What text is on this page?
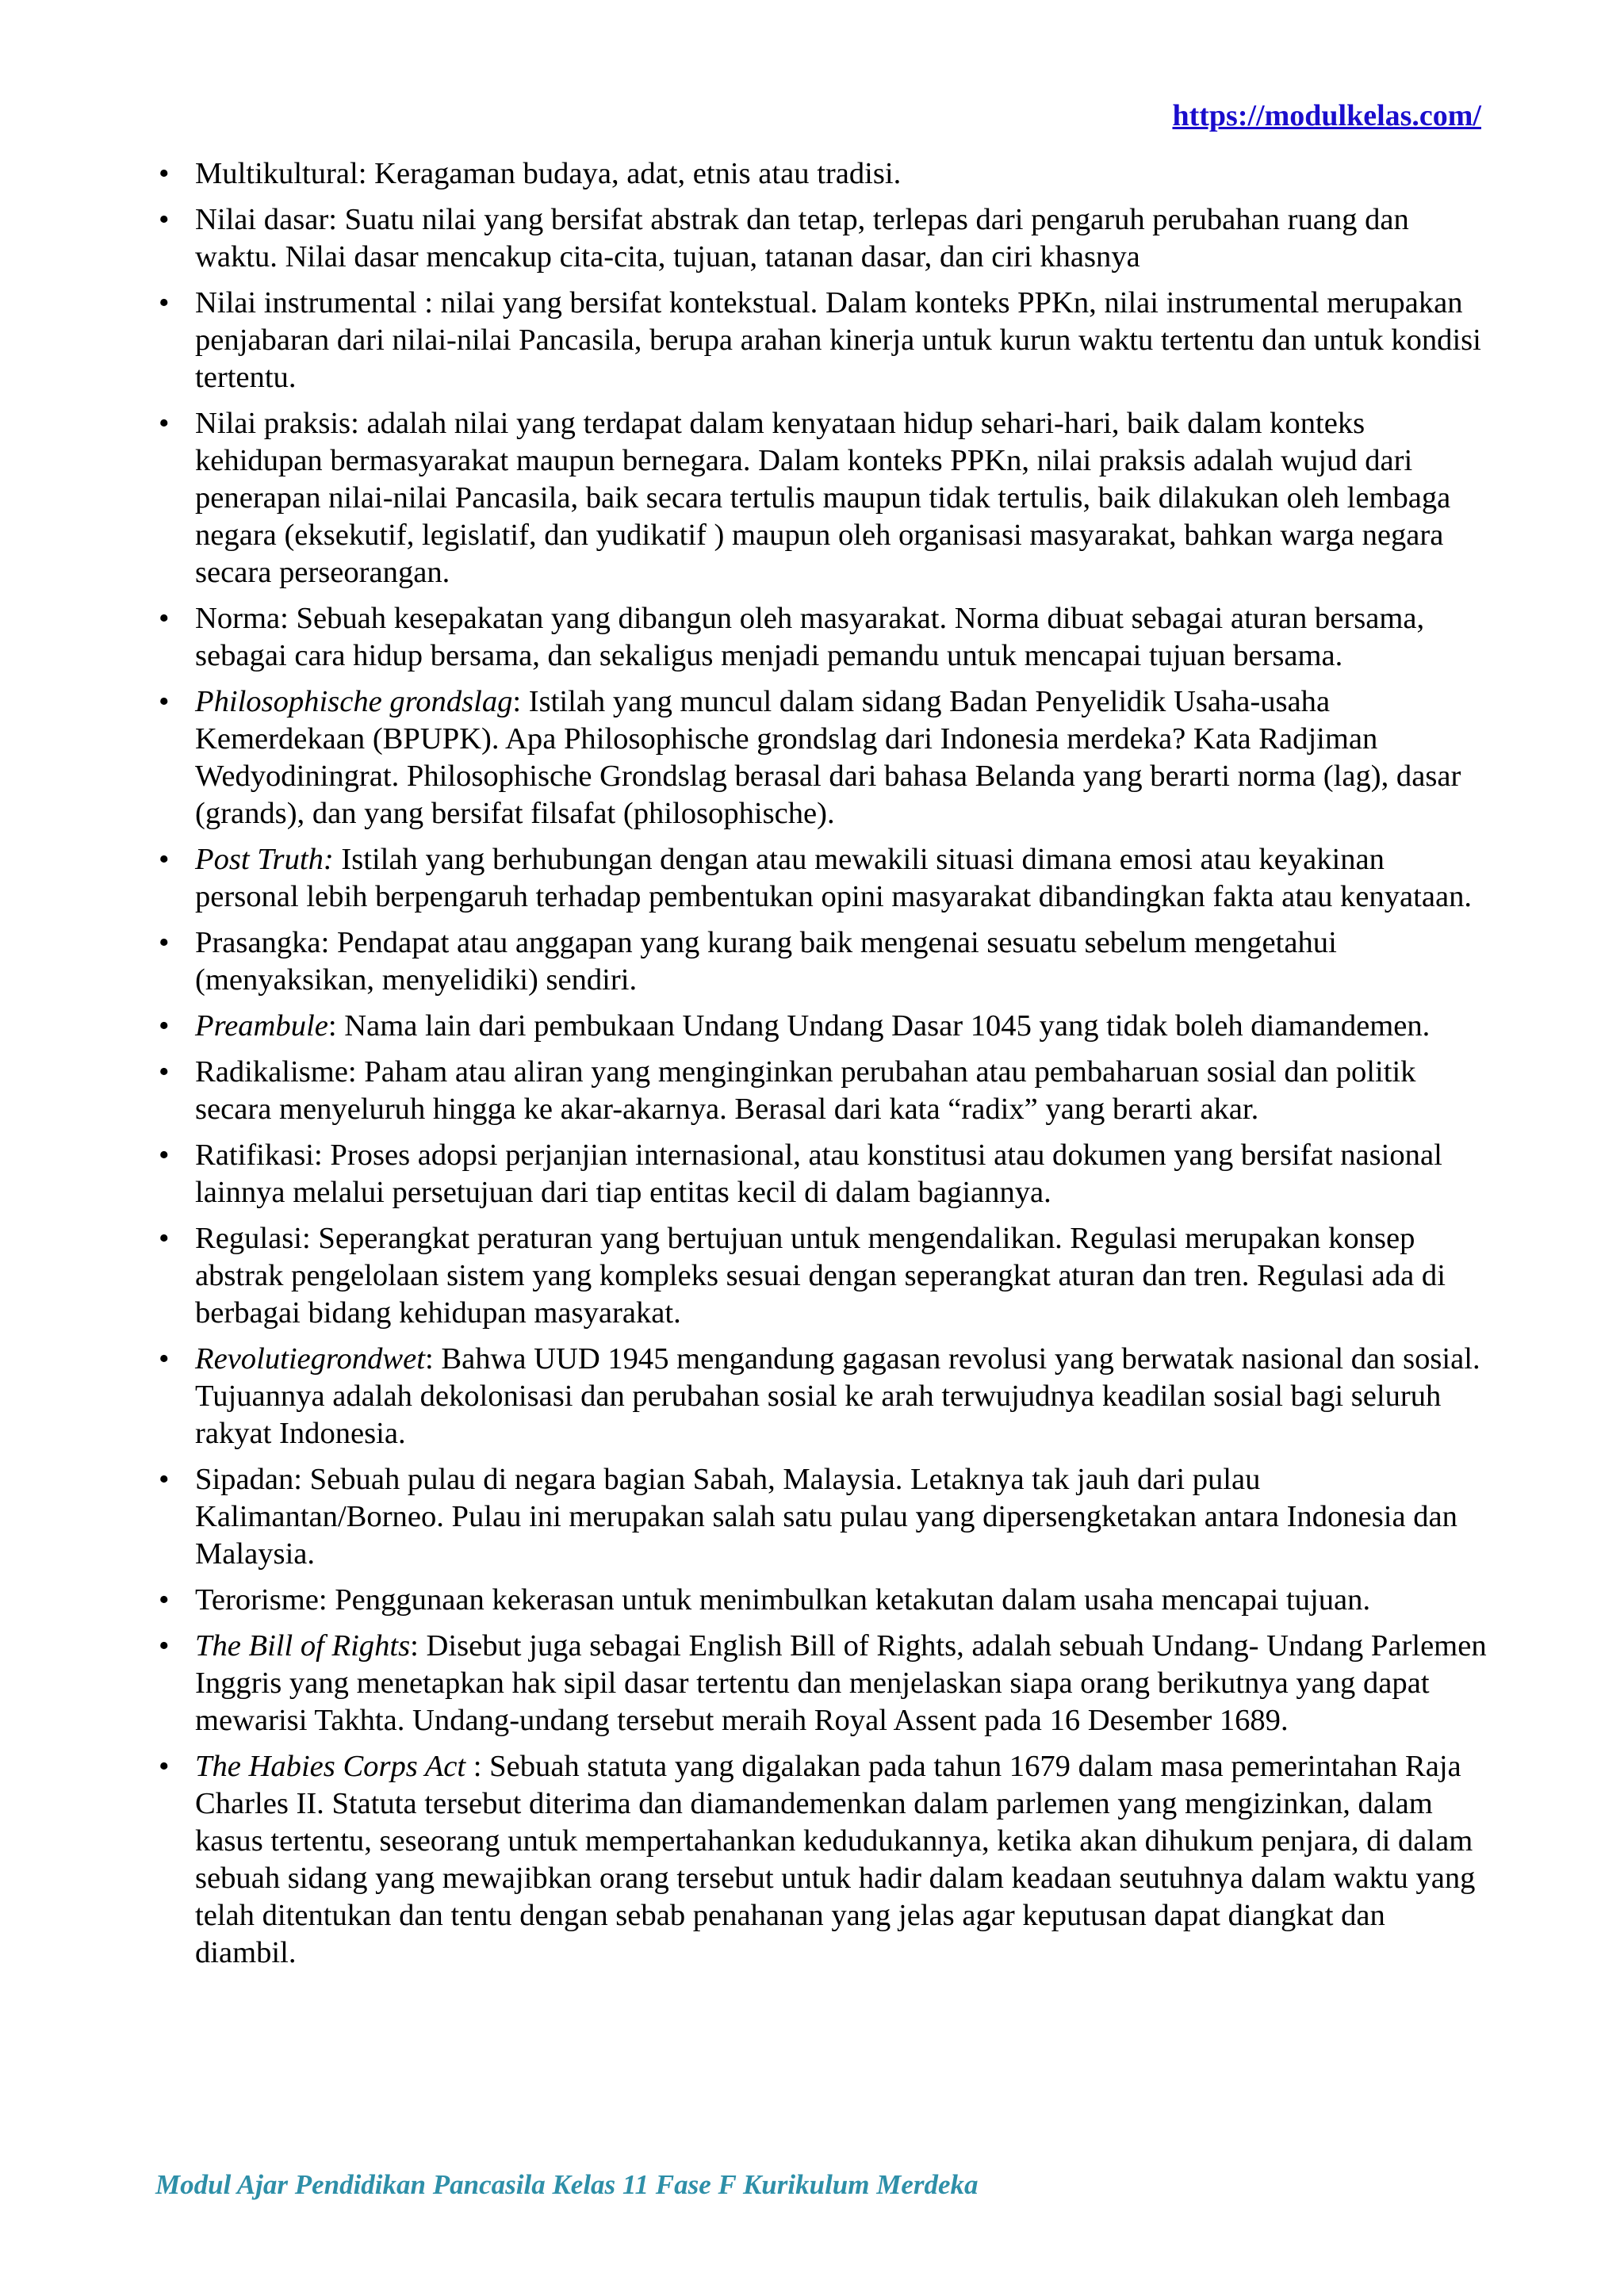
https://modulkelas.com/
• Multikultural: Keragaman budaya, adat, etnis atau tradisi.
• Nilai dasar: Suatu nilai yang bersifat abstrak dan tetap, terlepas dari pengaruh perubahan ruang dan waktu. Nilai dasar mencakup cita-cita, tujuan, tatanan dasar, dan ciri khasnya
• Nilai instrumental : nilai yang bersifat kontekstual. Dalam konteks PPKn, nilai instrumental merupakan penjabaran dari nilai-nilai Pancasila, berupa arahan kinerja untuk kurun waktu tertentu dan untuk kondisi tertentu.
• Nilai praksis: adalah nilai yang terdapat dalam kenyataan hidup sehari-hari, baik dalam konteks kehidupan bermasyarakat maupun bernegara. Dalam konteks PPKn, nilai praksis adalah wujud dari penerapan nilai-nilai Pancasila, baik secara tertulis maupun tidak tertulis, baik dilakukan oleh lembaga negara (eksekutif, legislatif, dan yudikatif ) maupun oleh organisasi masyarakat, bahkan warga negara secara perseorangan.
• Norma: Sebuah kesepakatan yang dibangun oleh masyarakat. Norma dibuat sebagai aturan bersama, sebagai cara hidup bersama, dan sekaligus menjadi pemandu untuk mencapai tujuan bersama.
• Philosophische grondslag: Istilah yang muncul dalam sidang Badan Penyelidik Usaha-usaha Kemerdekaan (BPUPK). Apa Philosophische grondslag dari Indonesia merdeka? Kata Radjiman Wedyodiningrat. Philosophische Grondslag berasal dari bahasa Belanda yang berarti norma (lag), dasar (grands), dan yang bersifat filsafat (philosophische).
• Post Truth: Istilah yang berhubungan dengan atau mewakili situasi dimana emosi atau keyakinan personal lebih berpengaruh terhadap pembentukan opini masyarakat dibandingkan fakta atau kenyataan.
• Prasangka: Pendapat atau anggapan yang kurang baik mengenai sesuatu sebelum mengetahui (menyaksikan, menyelidiki) sendiri.
• Preambule: Nama lain dari pembukaan Undang Undang Dasar 1045 yang tidak boleh diamandemen.
• Radikalisme: Paham atau aliran yang menginginkan perubahan atau pembaharuan sosial dan politik secara menyeluruh hingga ke akar-akarnya. Berasal dari kata “radix” yang berarti akar.
• Ratifikasi: Proses adopsi perjanjian internasional, atau konstitusi atau dokumen yang bersifat nasional lainnya melalui persetujuan dari tiap entitas kecil di dalam bagiannya.
• Regulasi: Seperangkat peraturan yang bertujuan untuk mengendalikan. Regulasi merupakan konsep abstrak pengelolaan sistem yang kompleks sesuai dengan seperangkat aturan dan tren. Regulasi ada di berbagai bidang kehidupan masyarakat.
• Revolutiegrondwet: Bahwa UUD 1945 mengandung gagasan revolusi yang berwatak nasional dan sosial. Tujuannya adalah dekolonisasi dan perubahan sosial ke arah terwujudnya keadilan sosial bagi seluruh rakyat Indonesia.
• Sipadan: Sebuah pulau di negara bagian Sabah, Malaysia. Letaknya tak jauh dari pulau Kalimantan/Borneo. Pulau ini merupakan salah satu pulau yang dipersengketakan antara Indonesia dan Malaysia.
• Terorisme: Penggunaan kekerasan untuk menimbulkan ketakutan dalam usaha mencapai tujuan.
• The Bill of Rights: Disebut juga sebagai English Bill of Rights, adalah sebuah Undang- Undang Parlemen Inggris yang menetapkan hak sipil dasar tertentu dan menjelaskan siapa orang berikutnya yang dapat mewarisi Takhta. Undang-undang tersebut meraih Royal Assent pada 16 Desember 1689.
• The Habies Corps Act : Sebuah statuta yang digalakan pada tahun 1679 dalam masa pemerintahan Raja Charles II. Statuta tersebut diterima dan diamandemenkan dalam parlemen yang mengizinkan, dalam kasus tertentu, seseorang untuk mempertahankan kedudukannya, ketika akan dihukum penjara, di dalam sebuah sidang yang mewajibkan orang tersebut untuk hadir dalam keadaan seutuhnya dalam waktu yang telah ditentukan dan tentu dengan sebab penahanan yang jelas agar keputusan dapat diangkat dan diambil.
Modul Ajar Pendidikan Pancasila Kelas 11 Fase F Kurikulum Merdeka
